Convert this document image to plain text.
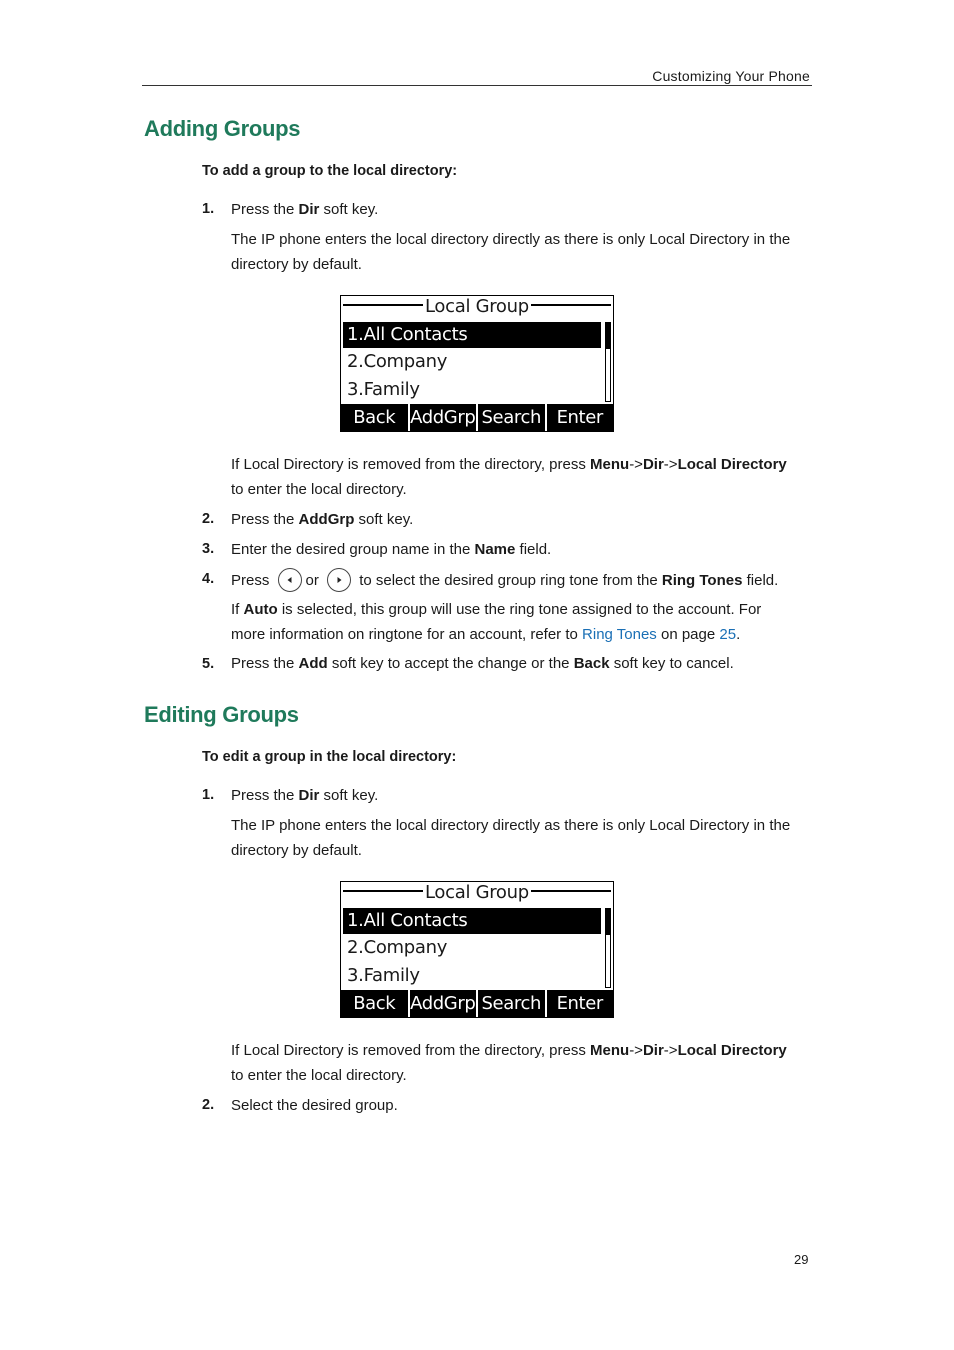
Customizing Your Phone
Adding Groups
To add a group to the local directory:
1. Press the Dir soft key.
The IP phone enters the local directory directly as there is only Local Directory in the
directory by default.
Local Group
1.All Contacts
2.Company
3.Family
Back AddGrp Search Enter
If Local Directory is removed from the directory, press Menu->Dir->Local Directory
to enter the local directory.
2. Press the AddGrp soft key.
3. Enter the desired group name in the Name field.
4. Press or	to select the desired group ring tone from the Ring Tones field.
If Auto is selected, this group will use the ring tone assigned to the account. For
more information on ringtone for an account, refer to Ring Tones on page 25.
5. Press the Add soft key to accept the change or the Back soft key to cancel.
Editing Groups
To edit a group in the local directory:
1. Press the Dir soft key.
The IP phone enters the local directory directly as there is only Local Directory in the
directory by default.
Local Group
1.All Contacts
2.Company
3.Family
Back AddGrp Search Enter
If Local Directory is removed from the directory, press Menu->Dir->Local Directory
to enter the local directory.
2. Select the desired group.
29
